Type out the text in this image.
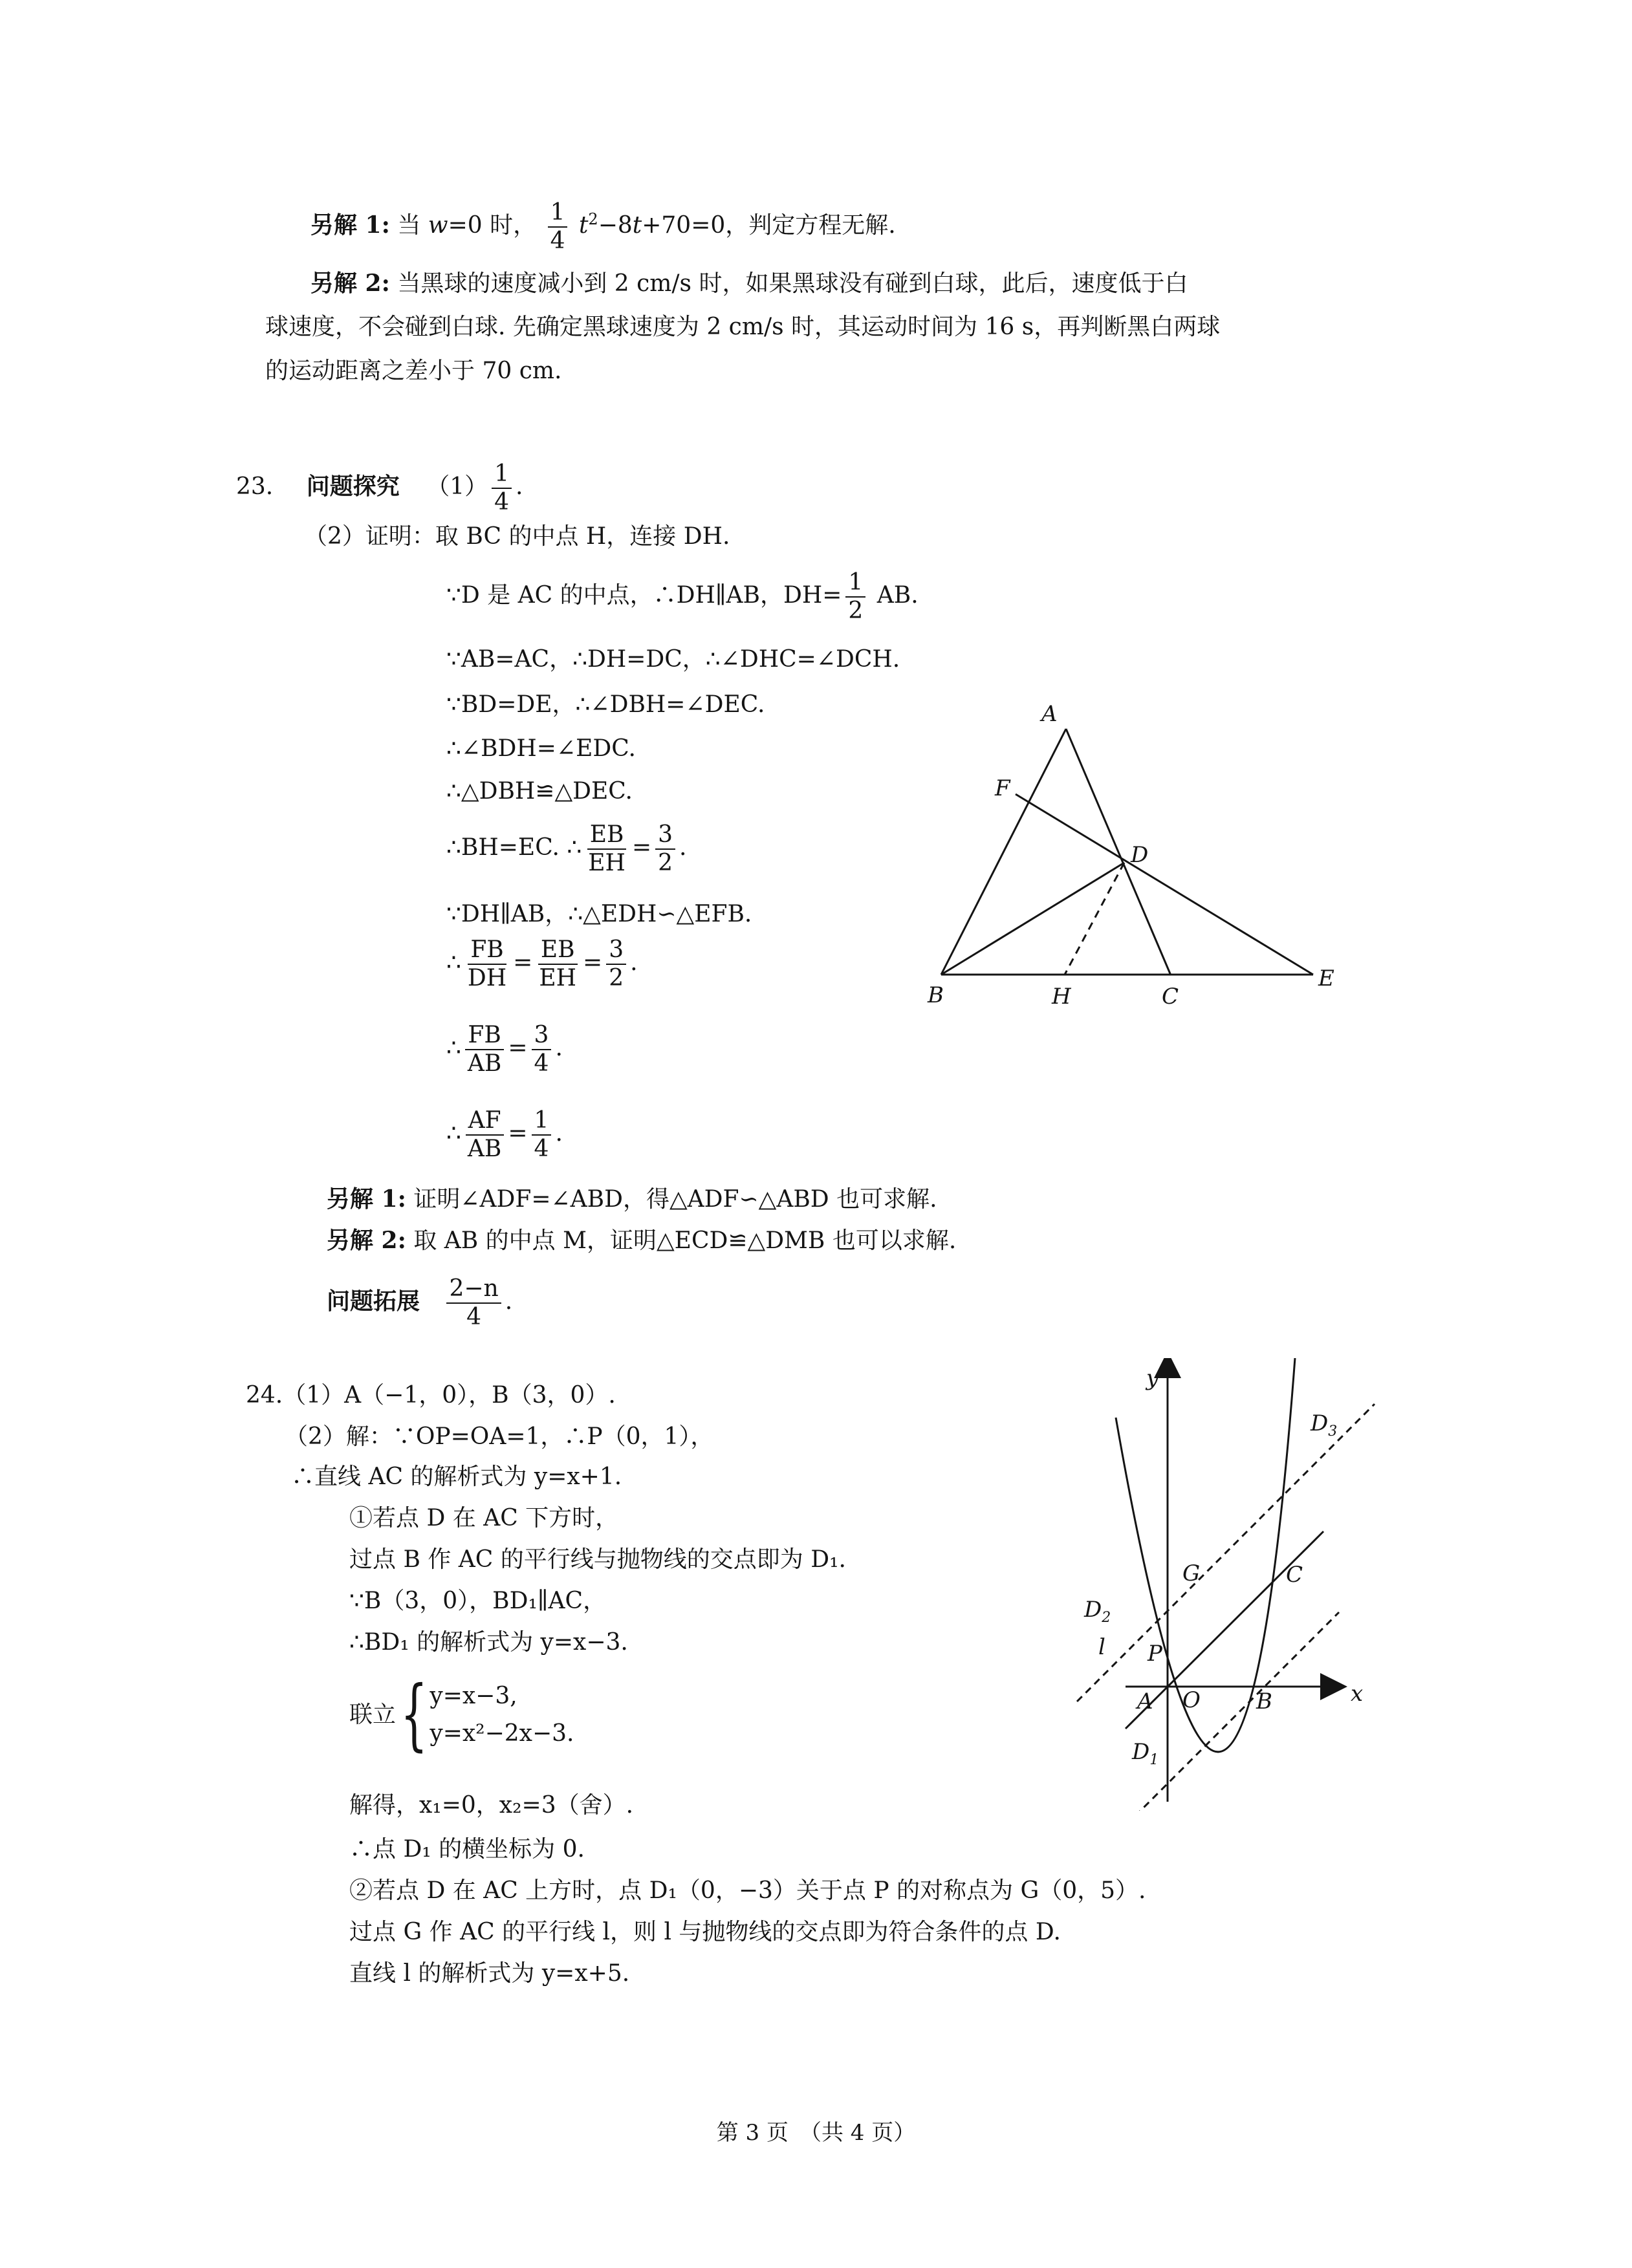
另解 1: 当 w=0 时， $\frac{1}{4} t^2-8t+70=0$，判定方程无解.
另解 2: 当黑球的速度减小到 2 cm/s 时，如果黑球没有碰到白球，此后，速度低于白
球速度，不会碰到白球. 先确定黑球速度为 2 cm/s 时，其运动时间为 16 s，再判断黑白两球
的运动距离之差小于 70 cm.
23. 问题探究 $(1) \frac{1}{4}$ .
（2）证明：取 BC 的中点 H，连接 DH.
∵D 是 AC 的中点，∴DH∥AB，$DH= \frac{1}{2}$ AB.
∵AB=AC，∴DH=DC，∴∠DHC=∠DCH.
∵BD=DE，∴∠DBH=∠DEC.
∴∠BDH=∠EDC.
∴△DBH≌△DEC.
∴BH=EC. ∴ $\frac{EB}{EH} = \frac{3}{2}$ .
∵DH∥AB，∴△EDH∽△EFB.
∴ $\frac{FB}{DH} = \frac{EB}{EH} = \frac{3}{2}$ .
∴ $\frac{FB}{AB} = \frac{3}{4}$ .
∴ $\frac{AF}{AB} = \frac{1}{4}$ .
另解 1: 证明∠ADF=∠ABD，得△ADF∽△ABD 也可求解.
另解 2: 取 AB 的中点 M，证明△ECD≌△DMB 也可以求解.
问题拓展 $\frac{2-n}{4}$ .
A
F
D
B	H	C
E
24.（1）A（−1，0），B（3，0）.
（2）解：∵OP=OA=1，∴P（0，1），
∴直线 AC 的解析式为 y=x+1.
①若点 D 在 AC 下方时，
过点 B 作 AC 的平行线与抛物线的交点即为 D₁.
∵B（3，0），BD₁∥AC，
∴BD₁ 的解析式为 y=x−3.
联立{ y=x−3,
y=x²−2x−3.
解得，x₁=0，x₂=3（舍）.
∴点 D₁ 的横坐标为 0.
②若点 D 在 AC 上方时，点 D₁（0，−3）关于点 P 的对称点为 G（0，5）.
过点 G 作 AC 的平行线 l，则 l 与抛物线的交点即为符合条件的点 D.
直线 l 的解析式为 y=x+5.
y
x
O
A	B
C
P
G
l
$D_3$
$D_2$
$D_1$
第 3 页　（共 4 页）
